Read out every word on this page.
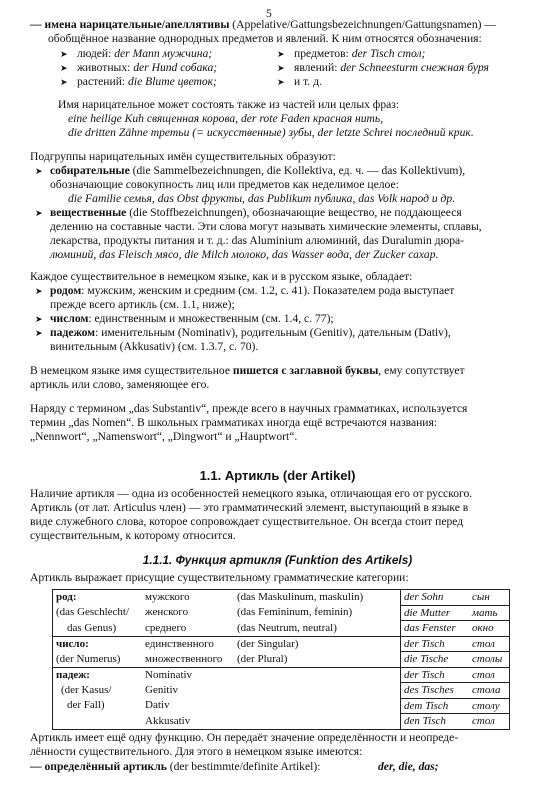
5
— имена нарицательные/апеллятивы (Appelative/Gattungsbezeichnungen/Gattungsnamen) —
обобщённое название однородных предметов и явлений. К ним относятся обозначения:
➤ людей: der Mann мужчина;	➤ предметов: der Tisch стол;
➤ животных: der Hund собака;	➤ явлений: der Schneesturm снежная буря
➤ растений: die Blume цветок;	➤ и т. д.
Имя нарицательное может состоять также из частей или целых фраз:
eine heilige Kuh священная корова, der rote Faden красная нить,
die dritten Zähne третьи (= искусственные) зубы, der letzte Schrei последний крик.
Подгруппы нарицательных имён существительных образуют:
➤ собирательные (die Sammelbezeichnungen, die Kollektiva, ед. ч. — das Kollektivum),
обозначающие совокупность лиц или предметов как неделимое целое:
die Familie семья, das Obst фрукты, das Publikum публика, das Volk народ и др.
➤ вещественные (die Stoffbezeichnungen), обозначающие вещество, не поддающееся
делению на составные части. Эти слова могут называть химические элементы, сплавы,
лекарства, продукты питания и т. д.: das Aluminium алюминий, das Duralumin дюра-
люминий, das Fleisch мясо, die Milch молоко, das Wasser вода, der Zucker сахар.
Каждое существительное в немецком языке, как и в русском языке, обладает:
➤ родом: мужским, женским и средним (см. 1.2, с. 41). Показателем рода выступает
прежде всего артикль (см. 1.1, ниже);
➤ числом: единственным и множественным (см. 1.4, с. 77);
➤ падежом: именительным (Nominativ), родительным (Genitiv), дательным (Dativ),
винительным (Akkusativ) (см. 1.3.7, с. 70).
В немецком языке имя существительное пишется с заглавной буквы, ему сопутствует
артикль или слово, заменяющее его.
Наряду с термином „das Substantiv“, прежде всего в научных грамматиках, используется
термин „das Nomen“. В школьных грамматиках иногда ещё встречаются названия:
„Nennwort“, „Namenswort“, „Dingwort“ и „Hauptwort“.
1.1. Артикль (der Artikel)
Наличие артикля — одна из особенностей немецкого языка, отличающая его от русского.
Артикль (от лат. Articulus член) — это грамматический элемент, выступающий в языке в
виде служебного слова, которое сопровождает существительное. Он всегда стоит перед
существительным, к которому относится.
1.1.1. Функция артикля (Funktion des Artikels)
Артикль выражает присущие существительному грамматические категории:
род:	мужского	(das Maskulinum, maskulin)	der Sohn	сын
(das Geschlecht/	женского	(das Femininum, feminin)	die Mutter	мать
das Genus)	среднего	(das Neutrum, neutral)	das Fenster	окно
число:	единственного	(der Singular)	der Tisch	стол
(der Numerus)	множественного	(der Plural)	die Tische	столы
падеж:	Nominativ		der Tisch	стол
(der Kasus/	Genitiv		des Tisches	стола
der Fall)	Dativ		dem Tisch	столу
	Akkusativ		den Tisch	стол
Артикль имеет ещё одну функцию. Он передаёт значение определённости и неопреде-
лённости существительного. Для этого в немецком языке имеются:
— определённый артикль (der bestimmte/definite Artikel):	der, die, das;
